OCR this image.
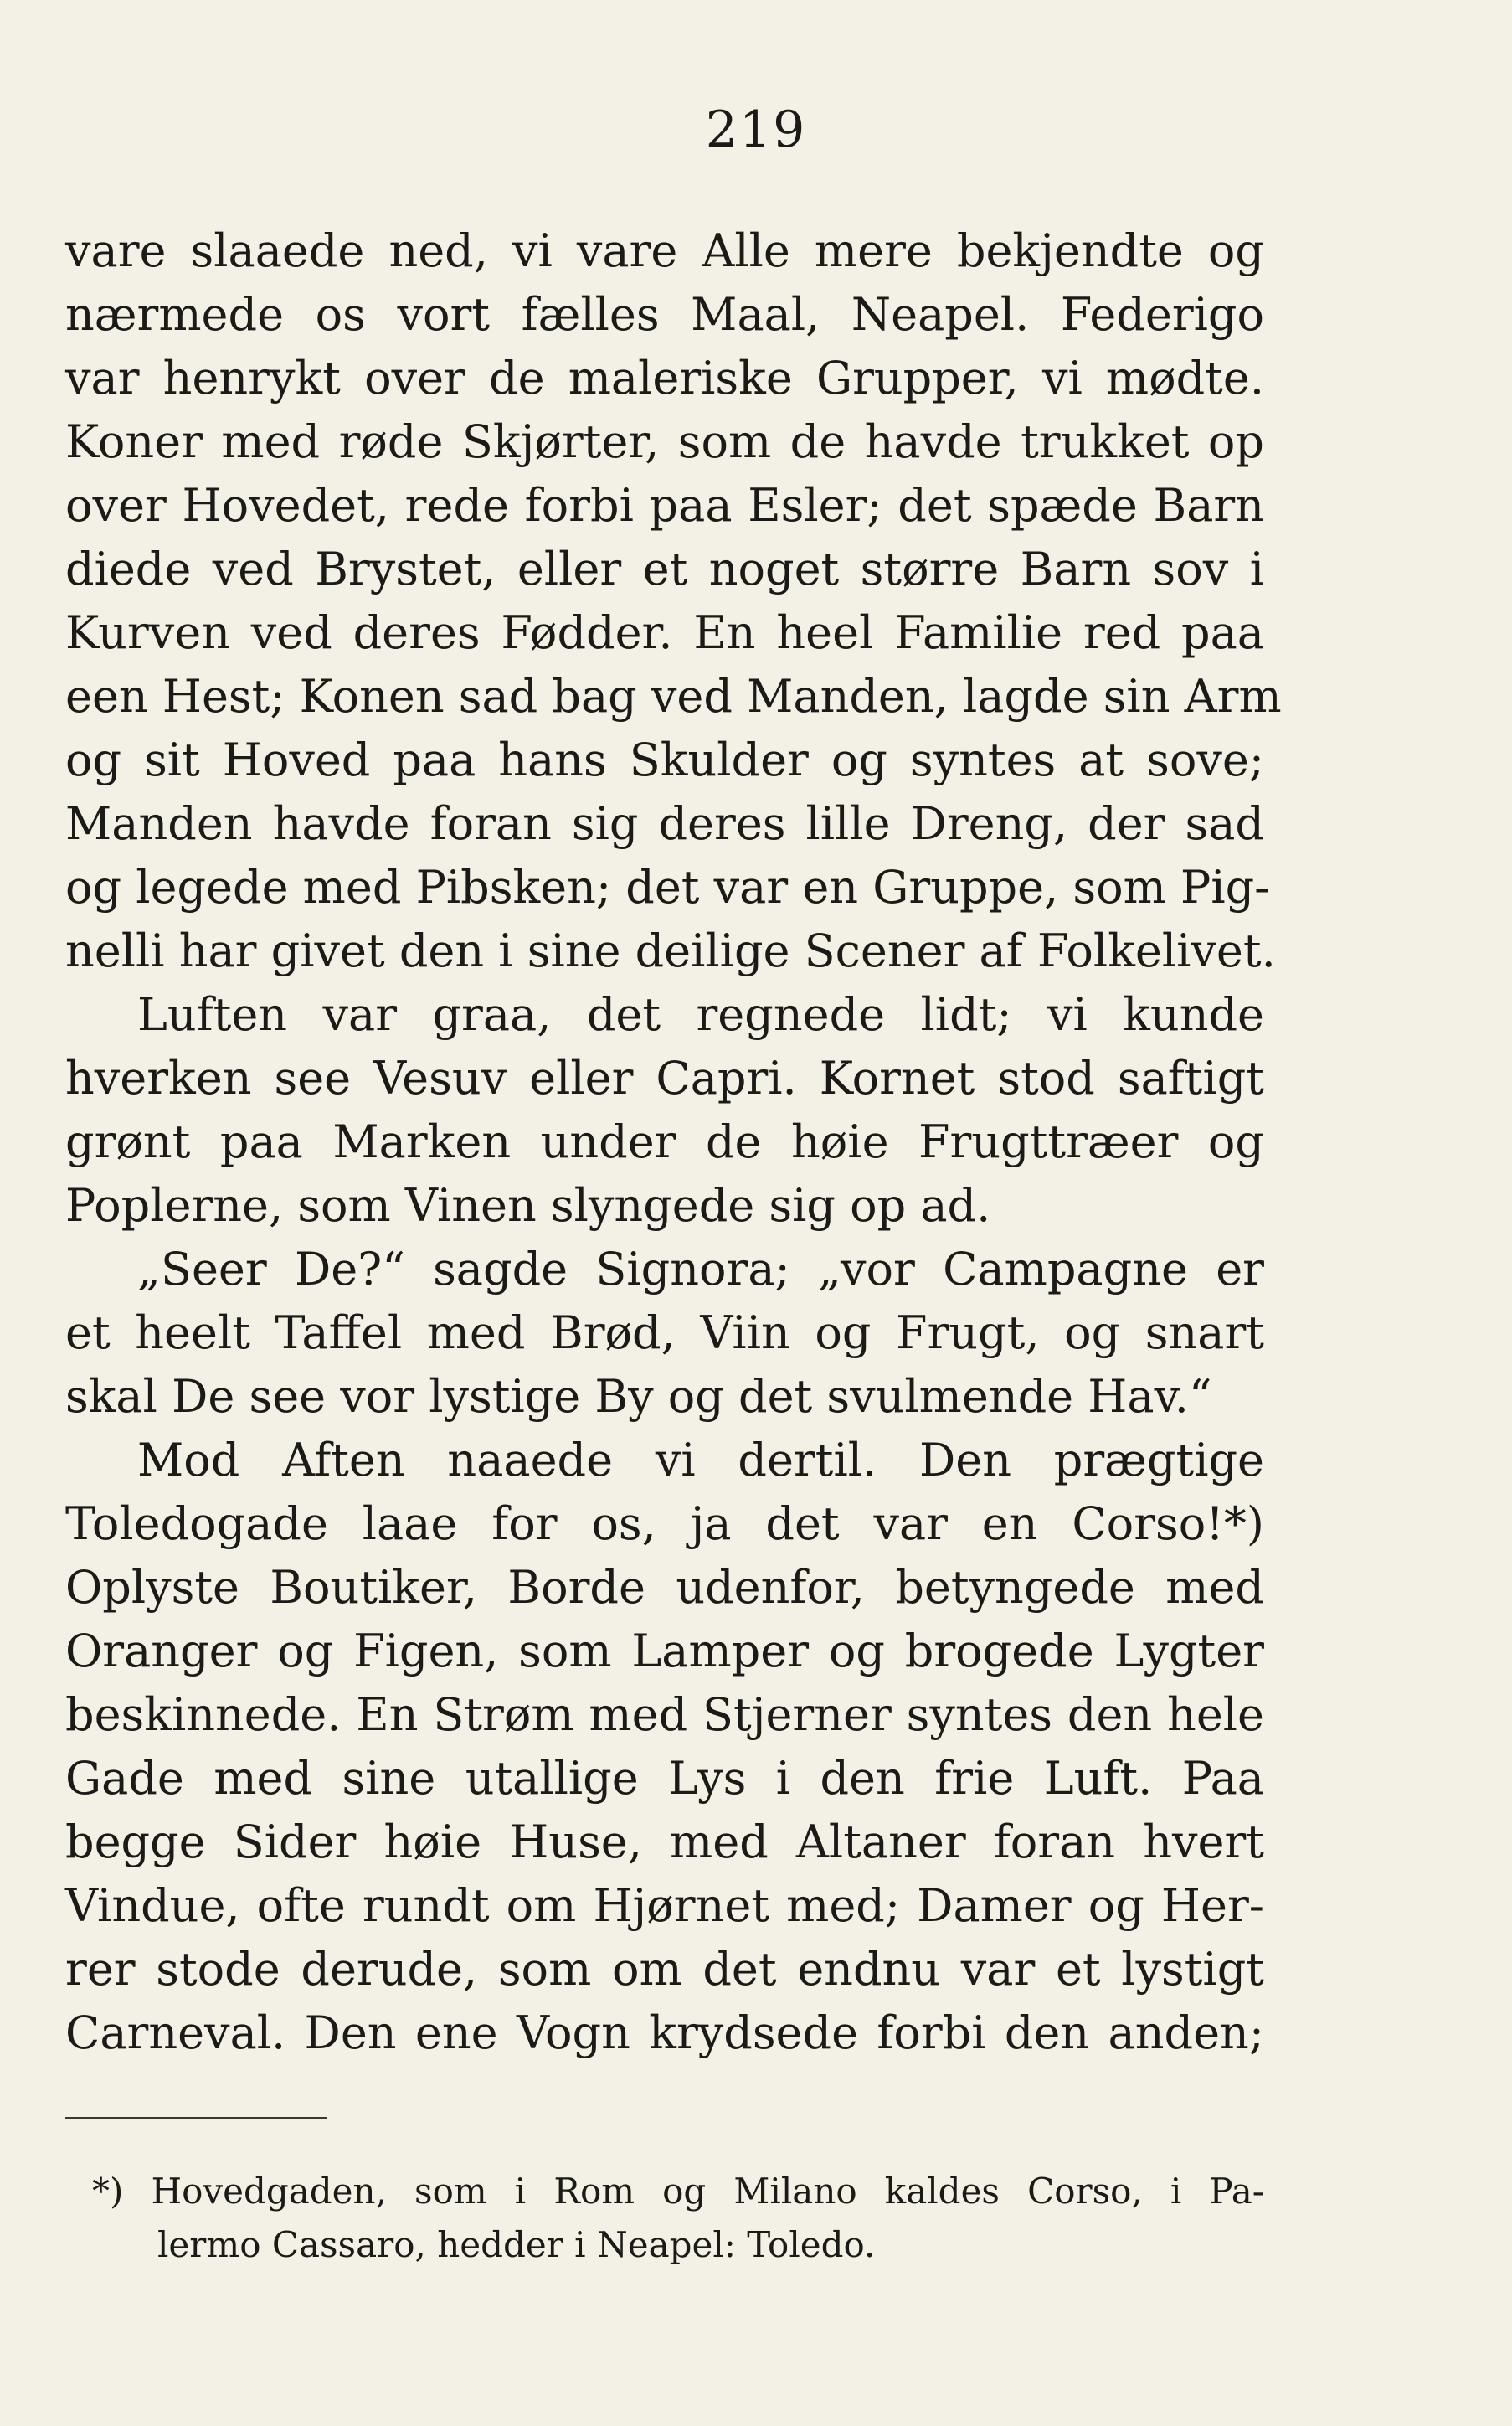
219
vare slaaede ned, vi vare Alle mere bekjendte og
nærmede os vort fælles Maal, Neapel. Federigo
var henrykt over de maleriske Grupper, vi mødte.
Koner med røde Skjørter, som de havde trukket op
over Hovedet, rede forbi paa Esler; det spæde Barn
diede ved Brystet, eller et noget større Barn sov i
Kurven ved deres Fødder. En heel Familie red paa
een Hest; Konen sad bag ved Manden, lagde sin Arm
og sit Hoved paa hans Skulder og syntes at sove;
Manden havde foran sig deres lille Dreng, der sad
og legede med Pibsken; det var en Gruppe, som Pig-
nelli har givet den i sine deilige Scener af Folkelivet.
Luften var graa, det regnede lidt; vi kunde
hverken see Vesuv eller Capri. Kornet stod saftigt
grønt paa Marken under de høie Frugttræer og
Poplerne, som Vinen slyngede sig op ad.
„Seer De?“ sagde Signora; „vor Campagne er
et heelt Taffel med Brød, Viin og Frugt, og snart
skal De see vor lystige By og det svulmende Hav.“
Mod Aften naaede vi dertil. Den prægtige
Toledogade laae for os, ja det var en Corso!*)
Oplyste Boutiker, Borde udenfor, betyngede med
Oranger og Figen, som Lamper og brogede Lygter
beskinnede. En Strøm med Stjerner syntes den hele
Gade med sine utallige Lys i den frie Luft. Paa
begge Sider høie Huse, med Altaner foran hvert
Vindue, ofte rundt om Hjørnet med; Damer og Her-
rer stode derude, som om det endnu var et lystigt
Carneval. Den ene Vogn krydsede forbi den anden;
*) Hovedgaden, som i Rom og Milano kaldes Corso, i Pa-
lermo Cassaro, hedder i Neapel: Toledo.
